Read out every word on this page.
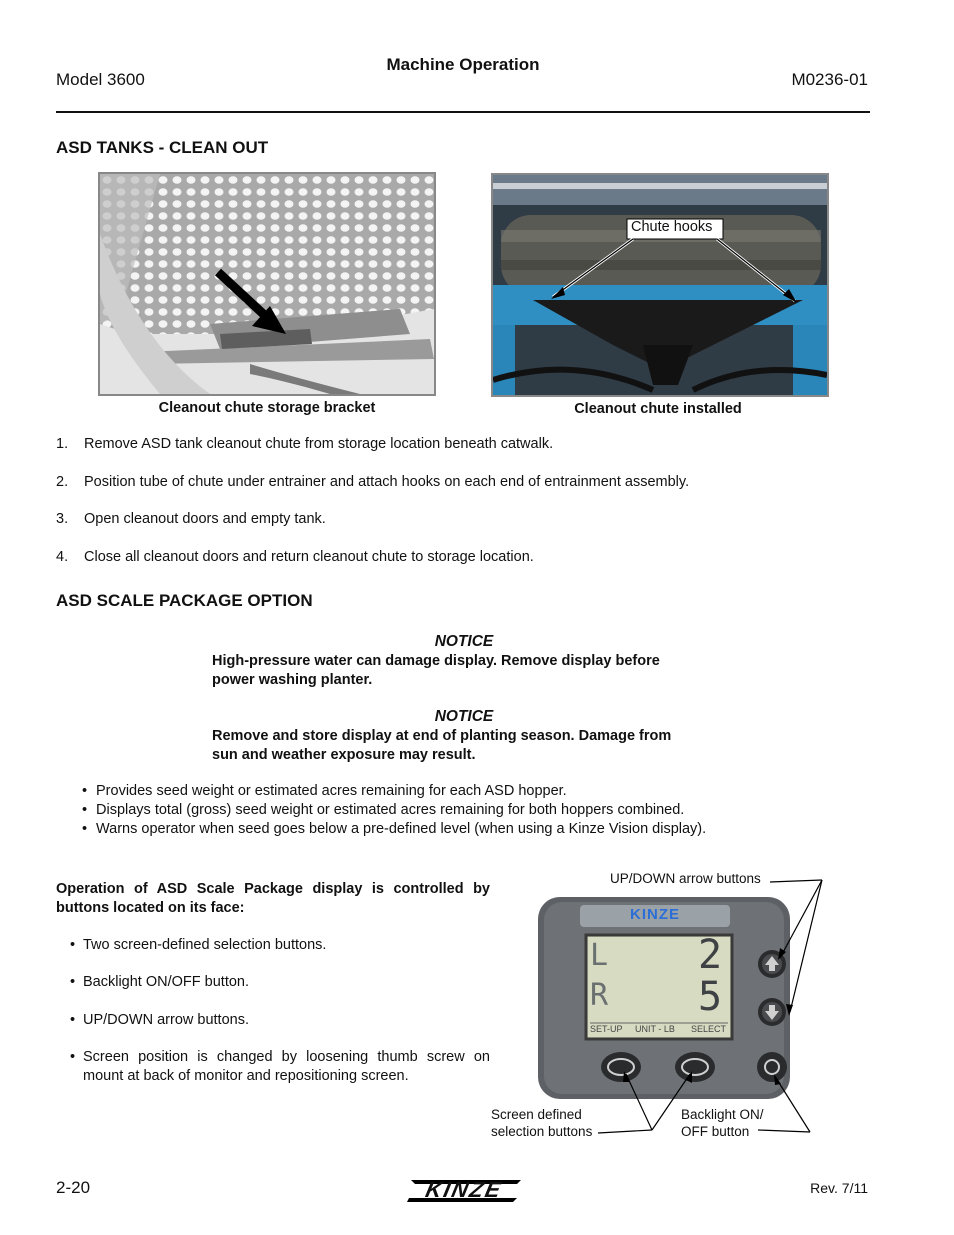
Model 3600
Machine Operation
M0236-01
ASD TANKS - CLEAN OUT
Cleanout chute storage bracket
Chute hooks
Cleanout chute installed
1. Remove ASD tank cleanout chute from storage location beneath catwalk.
2. Position tube of chute under entrainer and attach hooks on each end of entrainment assembly.
3. Open cleanout doors and empty tank.
4. Close all cleanout doors and return cleanout chute to storage location.
ASD SCALE PACKAGE OPTION
NOTICE
High-pressure water can damage display. Remove display before
power washing planter.
NOTICE
Remove and store display at end of planting season. Damage from
sun and weather exposure may result.
• Provides seed weight or estimated acres remaining for each ASD hopper.
• Displays total (gross) seed weight or estimated acres remaining for both hoppers combined.
• Warns operator when seed goes below a pre-defined level (when using a Kinze Vision display).
Operation of ASD Scale Package display is controlled by buttons located on its face:
• Two screen-defined selection buttons.
• Backlight ON/OFF button.
• UP/DOWN arrow buttons.
• Screen position is changed by loosening thumb screw on mount at back of monitor and repositioning screen.
KINZE
L
R
2
5
SET-UP UNIT - LB SELECT
UP/DOWN arrow buttons
Screen defined
selection buttons
Backlight ON/
OFF button
2-20	KINZE	Rev. 7/11
